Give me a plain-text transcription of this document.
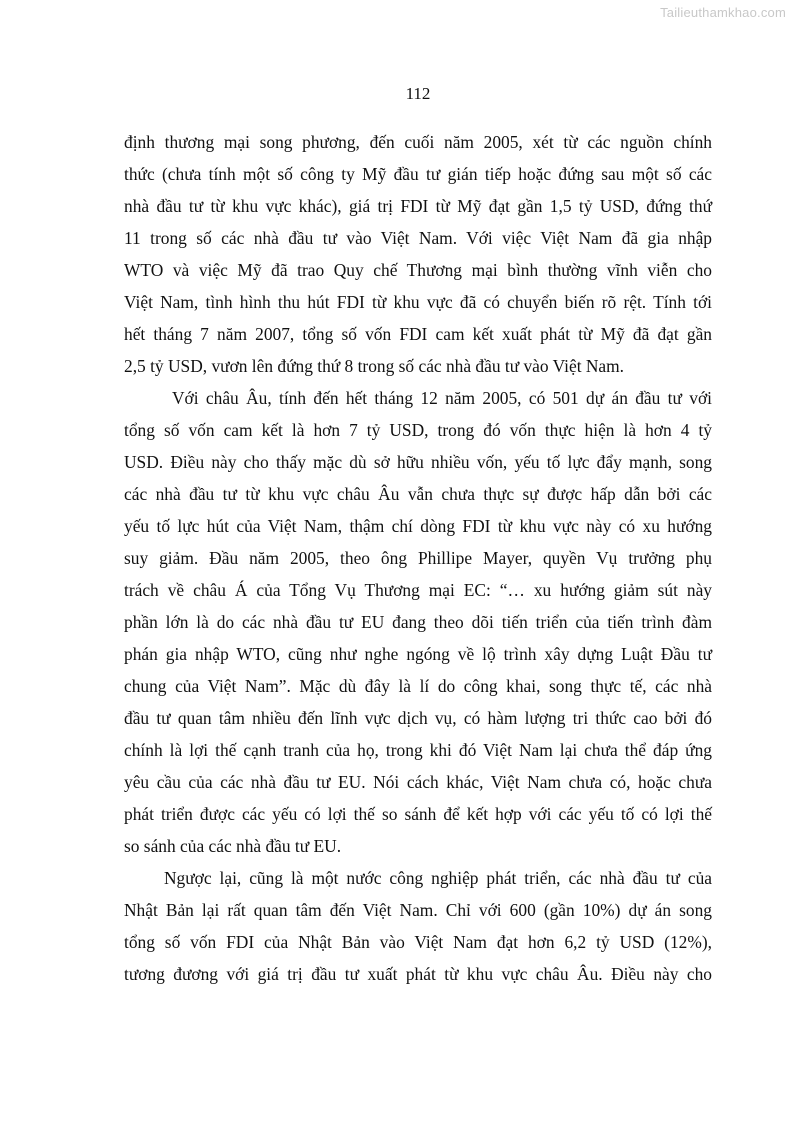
Tailieuthamkhao.com
112
định thương mại song phương, đến cuối năm 2005, xét từ các nguồn chính
thức (chưa tính một số công ty Mỹ đầu tư gián tiếp hoặc đứng sau một số các
nhà đầu tư từ khu vực khác), giá trị FDI từ Mỹ đạt gần 1,5 tỷ USD, đứng thứ
11 trong số các nhà đầu tư vào Việt Nam. Với việc Việt Nam đã gia nhập
WTO và việc Mỹ đã trao Quy chế Thương mại bình thường vĩnh viễn cho
Việt Nam, tình hình thu hút FDI từ khu vực đã có chuyển biến rõ rệt. Tính tới
hết tháng 7 năm 2007, tổng số vốn FDI cam kết xuất phát từ Mỹ đã đạt gần
2,5 tỷ USD, vươn lên đứng thứ 8 trong số các nhà đầu tư vào Việt Nam.
Với châu Âu, tính đến hết tháng 12 năm 2005, có 501 dự án đầu tư với
tổng số vốn cam kết là hơn 7 tỷ USD, trong đó vốn thực hiện là hơn 4 tỷ
USD. Điều này cho thấy mặc dù sở hữu nhiều vốn, yếu tố lực đẩy mạnh, song
các nhà đầu tư từ khu vực châu Âu vẫn chưa thực sự được hấp dẫn bởi các
yếu tố lực hút của Việt Nam, thậm chí dòng FDI từ khu vực này có xu hướng
suy giảm. Đầu năm 2005, theo ông Phillipe Mayer, quyền Vụ trưởng phụ
trách về châu Á của Tổng Vụ Thương mại EC: “… xu hướng giảm sút này
phần lớn là do các nhà đầu tư EU đang theo dõi tiến triển của tiến trình đàm
phán gia nhập WTO, cũng như nghe ngóng về lộ trình xây dựng Luật Đầu tư
chung của Việt Nam”. Mặc dù đây là lí do công khai, song thực tế, các nhà
đầu tư quan tâm nhiều đến lĩnh vực dịch vụ, có hàm lượng tri thức cao bởi đó
chính là lợi thế cạnh tranh của họ, trong khi đó Việt Nam lại chưa thể đáp ứng
yêu cầu của các nhà đầu tư EU. Nói cách khác, Việt Nam chưa có, hoặc chưa
phát triển được các yếu có lợi thế so sánh để kết hợp với các yếu tố có lợi thế
so sánh của các nhà đầu tư EU.
Ngược lại, cũng là một nước công nghiệp phát triển, các nhà đầu tư của
Nhật Bản lại rất quan tâm đến Việt Nam. Chỉ với 600 (gần 10%) dự án song
tổng số vốn FDI của Nhật Bản vào Việt Nam đạt hơn 6,2 tỷ USD (12%),
tương đương với giá trị đầu tư xuất phát từ khu vực châu Âu. Điều này cho
